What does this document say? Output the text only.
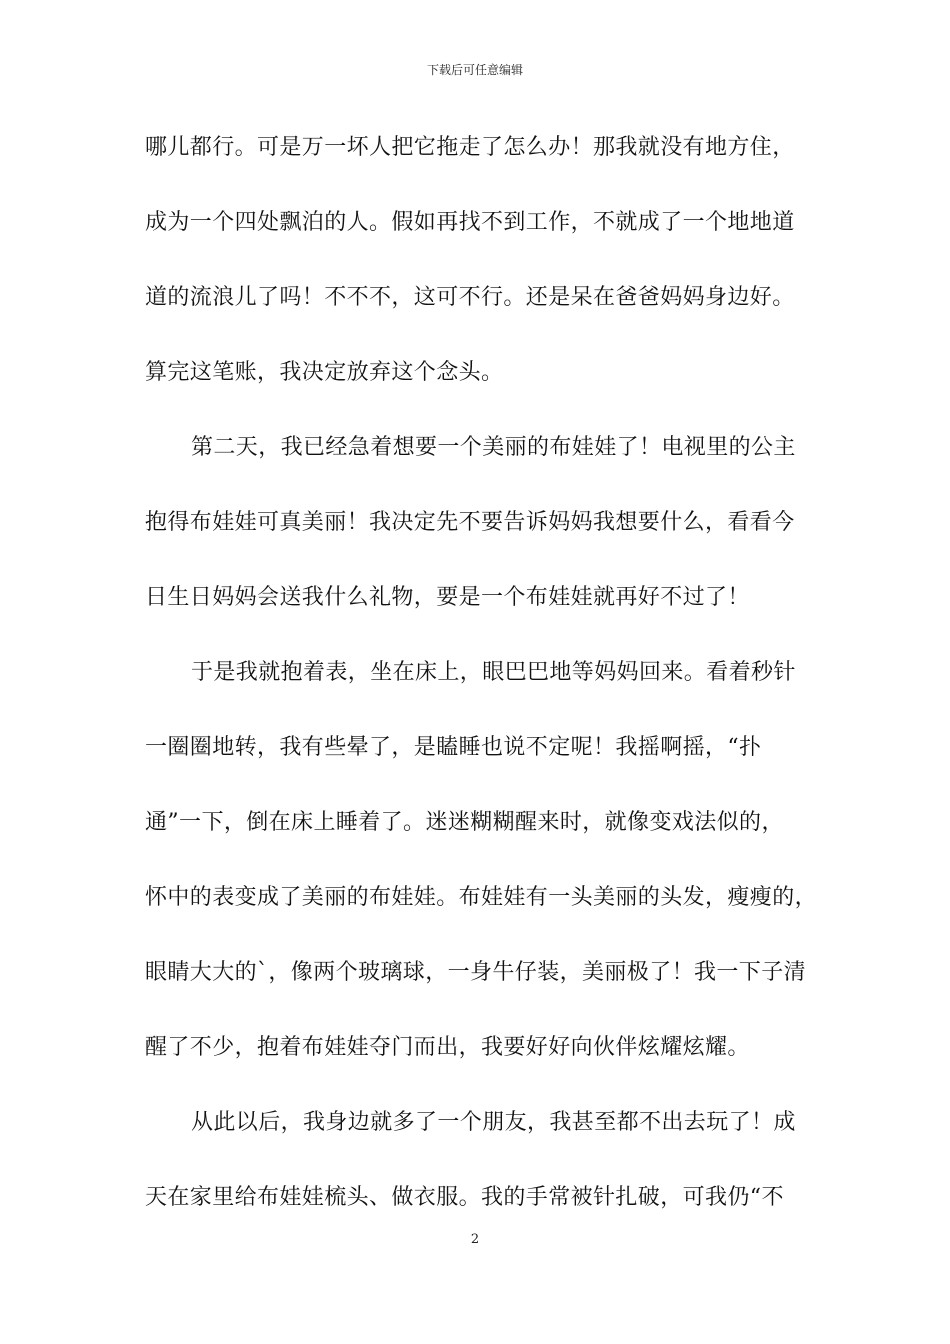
下载后可任意编辑
哪儿都行。可是万一坏人把它拖走了怎么办！那我就没有地方住，
成为一个四处飘泊的人。假如再找不到工作，不就成了一个地地道
道的流浪儿了吗！不不不，这可不行。还是呆在爸爸妈妈身边好。
算完这笔账，我决定放弃这个念头。
第二天，我已经急着想要一个美丽的布娃娃了！电视里的公主
抱得布娃娃可真美丽！我决定先不要告诉妈妈我想要什么，看看今
日生日妈妈会送我什么礼物，要是一个布娃娃就再好不过了！
于是我就抱着表，坐在床上，眼巴巴地等妈妈回来。看着秒针
一圈圈地转，我有些晕了，是瞌睡也说不定呢！我摇啊摇，“扑
通”一下，倒在床上睡着了。迷迷糊糊醒来时，就像变戏法似的，
怀中的表变成了美丽的布娃娃。布娃娃有一头美丽的头发，瘦瘦的，
眼睛大大的`，像两个玻璃球，一身牛仔装，美丽极了！我一下子清
醒了不少，抱着布娃娃夺门而出，我要好好向伙伴炫耀炫耀。
从此以后，我身边就多了一个朋友，我甚至都不出去玩了！成
天在家里给布娃娃梳头、做衣服。我的手常被针扎破，可我仍“不
2
